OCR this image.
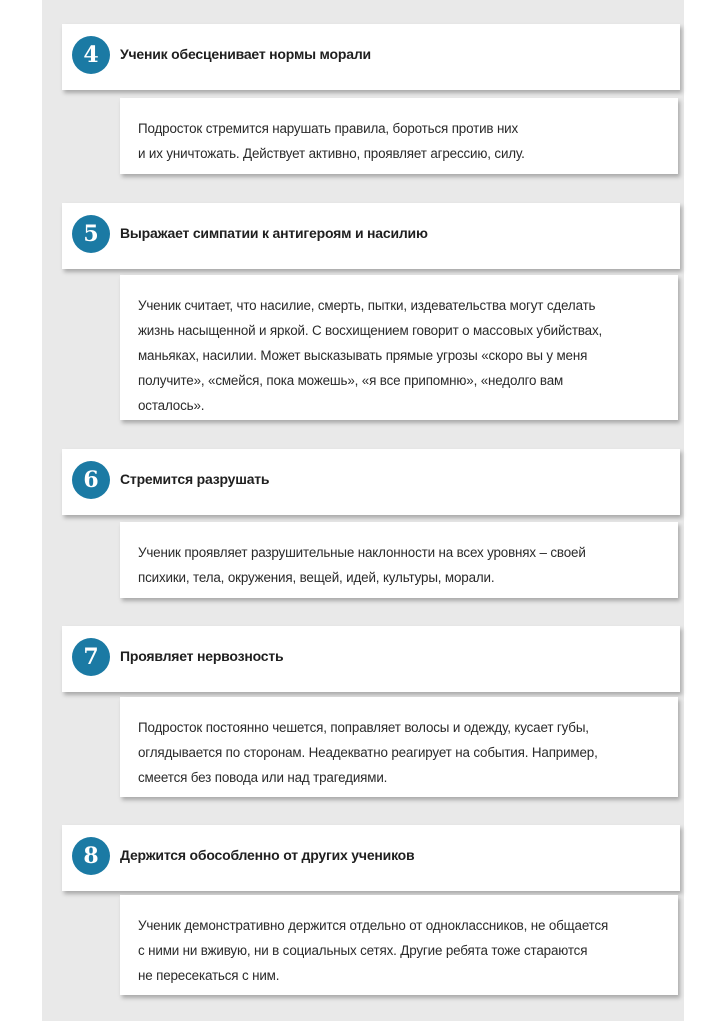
4	Ученик обесценивает нормы морали
Подросток стремится нарушать правила, бороться против них
и их уничтожать. Действует активно, проявляет агрессию, силу.
5	Выражает симпатии к антигероям и насилию
Ученик считает, что насилие, смерть, пытки, издевательства могут сделать
жизнь насыщенной и яркой. С восхищением говорит о массовых убийствах,
маньяках, насилии. Может высказывать прямые угрозы «скоро вы у меня
получите», «смейся, пока можешь», «я все припомню», «недолго вам
осталось».
6	Стремится разрушать
Ученик проявляет разрушительные наклонности на всех уровнях – своей
психики, тела, окружения, вещей, идей, культуры, морали.
7	Проявляет нервозность
Подросток постоянно чешется, поправляет волосы и одежду, кусает губы,
оглядывается по сторонам. Неадекватно реагирует на события. Например,
смеется без повода или над трагедиями.
8	Держится обособленно от других учеников
Ученик демонстративно держится отдельно от одноклассников, не общается
с ними ни вживую, ни в социальных сетях. Другие ребята тоже стараются
не пересекаться с ним.
